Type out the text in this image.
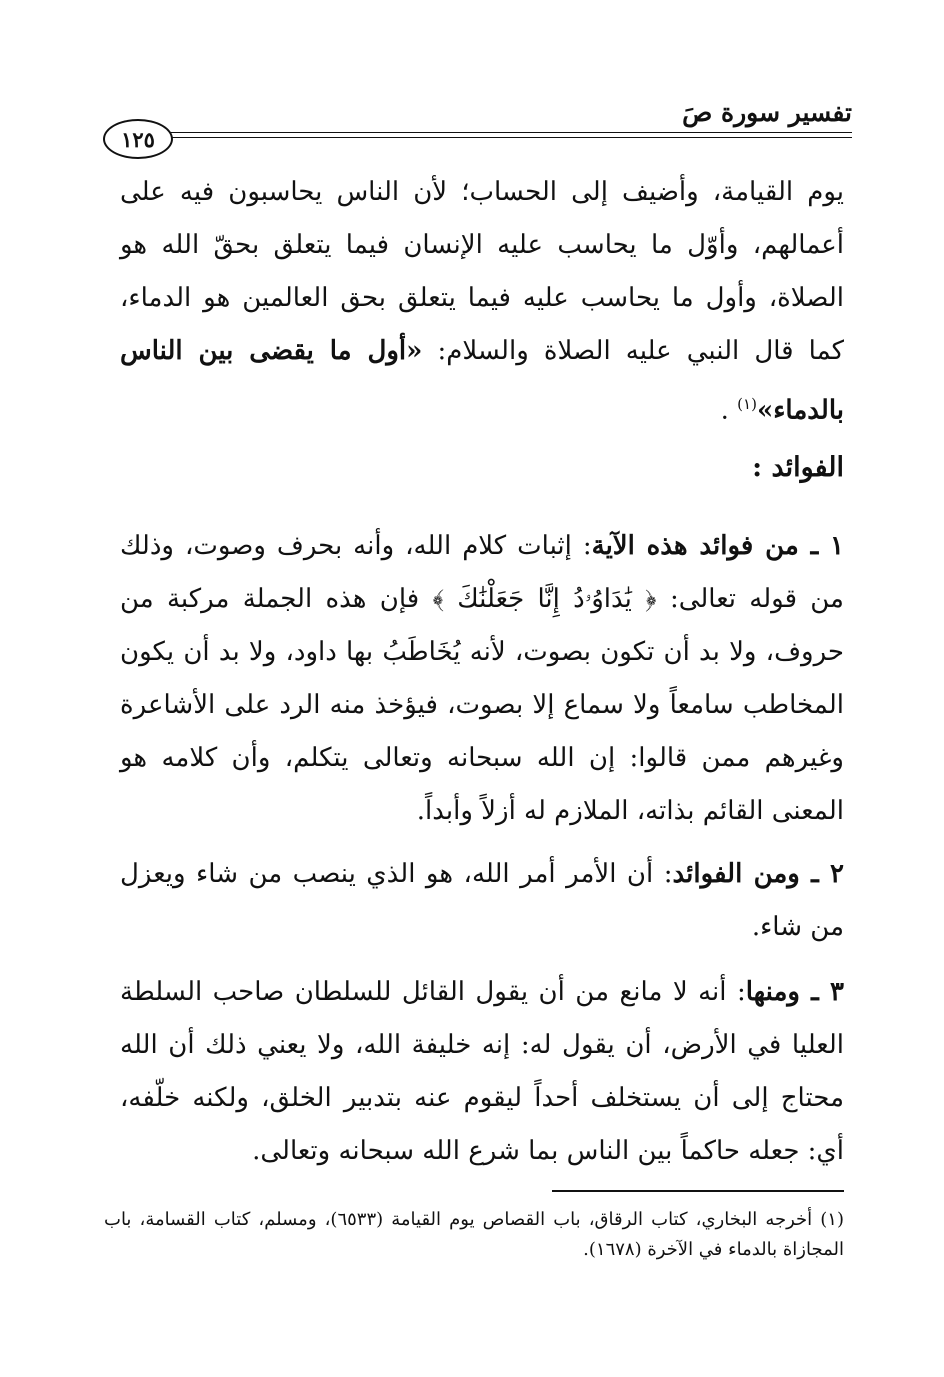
تفسير سورة صَ
١٢٥

يوم القيامة، وأضيف إلى الحساب؛ لأن الناس يحاسبون فيه على أعمالهم، وأوّل ما يحاسب عليه الإنسان فيما يتعلق بحقّ الله هو الصلاة، وأول ما يحاسب عليه فيما يتعلق بحق العالمين هو الدماء، كما قال النبي عليه الصلاة والسلام: «أول ما يقضى بين الناس بالدماء»$^{(١)}$ .

الفوائد :

١ ـ من فوائد هذه الآية: إثبات كلام الله، وأنه بحرف وصوت، وذلك من قوله تعالى: ﴿ يَٰدَاوُۥدُ إِنَّا جَعَلْنَٰكَ ﴾ فإن هذه الجملة مركبة من حروف، ولا بد أن تكون بصوت، لأنه يُخَاطَبُ بها داود، ولا بد أن يكون المخاطب سامعاً ولا سماع إلا بصوت، فيؤخذ منه الرد على الأشاعرة وغيرهم ممن قالوا: إن الله سبحانه وتعالى يتكلم، وأن كلامه هو المعنى القائم بذاته، الملازم له أزلاً وأبداً.

٢ ـ ومن الفوائد: أن الأمر أمر الله، هو الذي ينصب من شاء ويعزل من شاء.

٣ ـ ومنها: أنه لا مانع من أن يقول القائل للسلطان صاحب السلطة العليا في الأرض، أن يقول له: إنه خليفة الله، ولا يعني ذلك أن الله محتاج إلى أن يستخلف أحداً ليقوم عنه بتدبير الخلق، ولكنه خلّفه، أي: جعله حاكماً بين الناس بما شرع الله سبحانه وتعالى.

(١) أخرجه البخاري، كتاب الرقاق، باب القصاص يوم القيامة (٦٥٣٣)، ومسلم، كتاب القسامة، باب المجازاة بالدماء في الآخرة (١٦٧٨).
